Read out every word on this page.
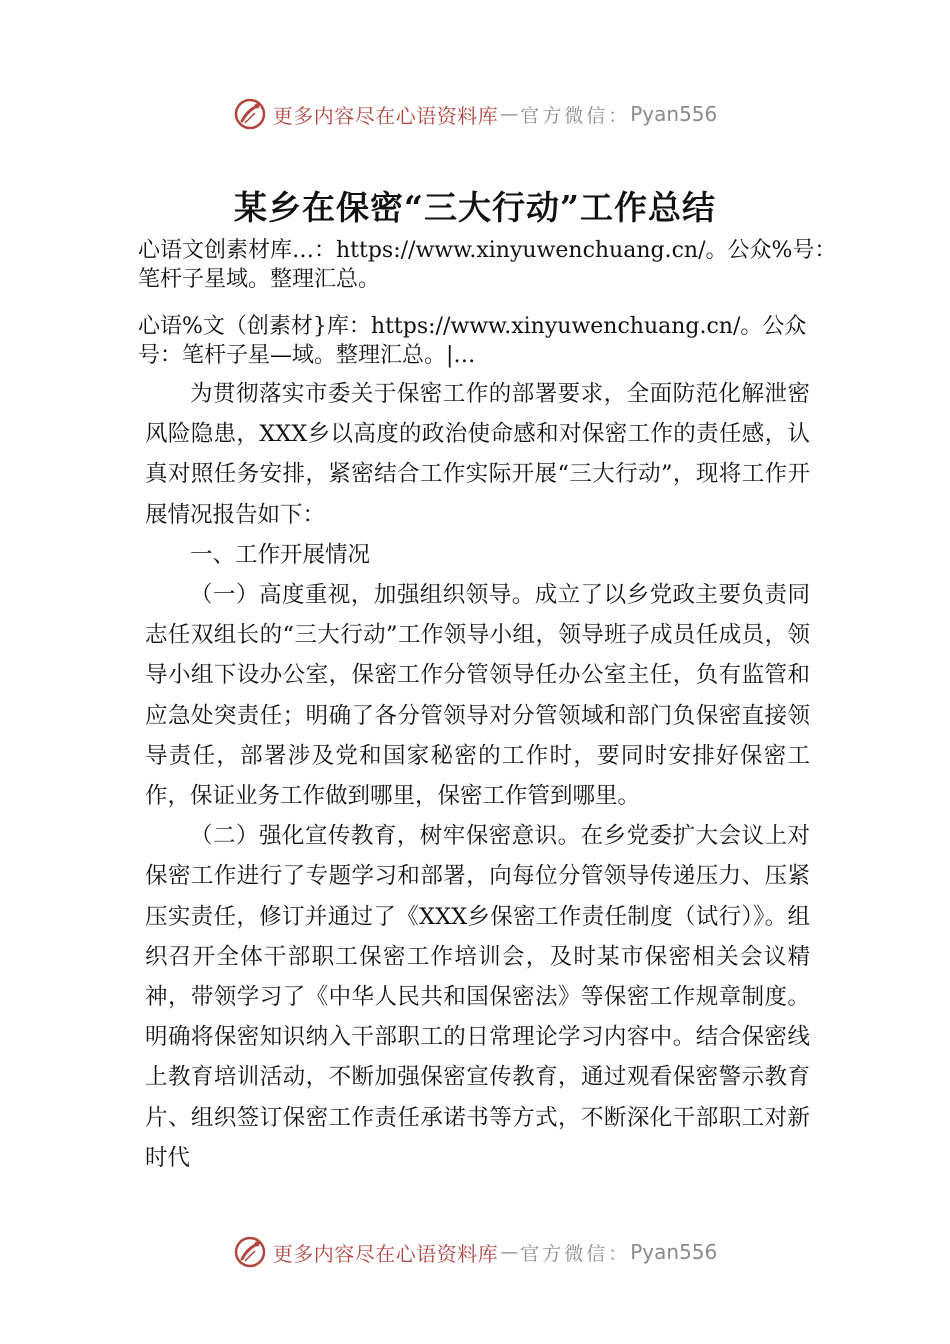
更多内容尽在心语资料库 — 官方微信： Pyan556
某乡在保密“三大行动”工作总结
心语文创素材库…：https://www.xinyuwenchuang.cn/。公众%号：笔杆子星域。整理汇总。
心语%文（创素材}库：https://www.xinyuwenchuang.cn/。公众号：笔杆子星—域。整理汇总。|…

为贯彻落实市委关于保密工作的部署要求，全面防范化解泄密风险隐患，XXX乡以高度的政治使命感和对保密工作的责任感，认真对照任务安排，紧密结合工作实际开展“三大行动”，现将工作开展情况报告如下：

一、工作开展情况

（一）高度重视，加强组织领导。成立了以乡党政主要负责同志任双组长的“三大行动”工作领导小组，领导班子成员任成员，领导小组下设办公室，保密工作分管领导任办公室主任，负有监管和应急处突责任；明确了各分管领导对分管领域和部门负保密直接领导责任，部署涉及党和国家秘密的工作时，要同时安排好保密工作，保证业务工作做到哪里，保密工作管到哪里。

（二）强化宣传教育，树牢保密意识。在乡党委扩大会议上对保密工作进行了专题学习和部署，向每位分管领导传递压力、压紧压实责任，修订并通过了《XXX乡保密工作责任制度（试行）》。组织召开全体干部职工保密工作培训会，及时某市保密相关会议精神，带领学习了《中华人民共和国保密法》等保密工作规章制度。明确将保密知识纳入干部职工的日常理论学习内容中。结合保密线上教育培训活动，不断加强保密宣传教育，通过观看保密警示教育片、组织签订保密工作责任承诺书等方式，不断深化干部职工对新时代

更多内容尽在心语资料库 — 官方微信： Pyan556
